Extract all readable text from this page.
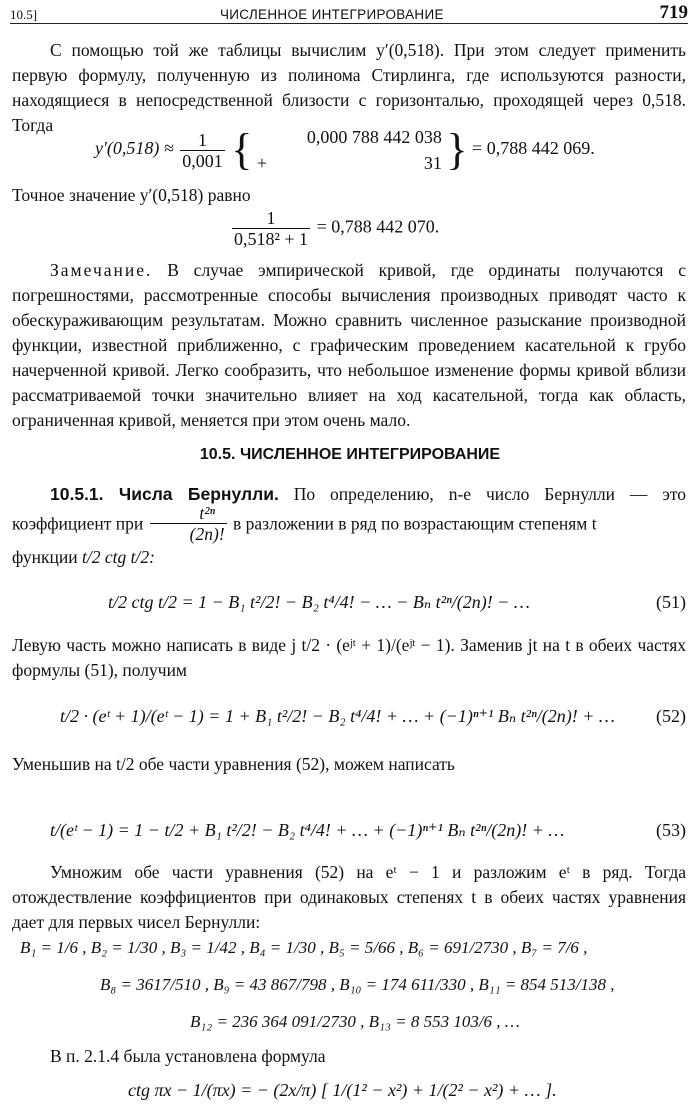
10.5]	ЧИСЛЕННОЕ ИНТЕГРИРОВАНИЕ	719
С помощью той же таблицы вычислим y′(0,518). При этом следует применить первую формулу, полученную из полинома Стирлинга, где используются разности, находящиеся в непосредственной близости с горизонталью, проходящей через 0,518. Тогда
$y'(0,518) \approx \frac{1}{0,001}$ {	0,000 788 442 038
+	31 } = 0,788 442 069.
Точное значение y′(0,518) равно
$\frac{1}{\text{0,518² + 1}} = 0,788$ 442 070.
Замечание. В случае эмпирической кривой, где ординаты получаются с погрешностями, рассмотренные способы вычисления производных приводят часто к обескураживающим результатам. Можно сравнить численное разыскание производной функции, известной приближенно, с графическим проведением касательной к грубо начерченной кривой. Легко сообразить, что небольшое изменение формы кривой вблизи рассматриваемой точки значительно влияет на ход касательной, тогда как область, ограниченная кривой, меняется при этом очень мало.
10.5. ЧИСЛЕННОЕ ИНТЕГРИРОВАНИЕ
10.5.1. Числа Бернулли. По определению, n-е число Бернулли — это коэффициент при $\frac{\text{t²ⁿ}}{(2n)!}$ в разложении в ряд по возрастающим степеням t
функции t/2 ctg t/2:
t/2 ctg t/2 = 1 − B₁ t²/2! − B₂ t⁴/4! − … − Bₙ t²ⁿ/(2n)! − …	(51)
Левую часть можно написать в виде j t/2 · (eʲᵗ + 1)/(eʲᵗ − 1). Заменив jt на t в обеих частях формулы (51), получим
t/2 · (eᵗ + 1)/(eᵗ − 1) = 1 + B₁ t²/2! − B₂ t⁴/4! + … + (−1)ⁿ⁺¹ Bₙ t²ⁿ/(2n)! + … (52)
Уменьшив на t/2 обе части уравнения (52), можем написать
t/(eᵗ − 1) = 1 − t/2 + B₁ t²/2! − B₂ t⁴/4! + … + (−1)ⁿ⁺¹ Bₙ t²ⁿ/(2n)! + …	(53)
Умножим обе части уравнения (52) на eᵗ − 1 и разложим eᵗ в ряд. Тогда отождествление коэффициентов при одинаковых степенях t в обеих частях уравнения дает для первых чисел Бернулли:
B₁ = 1/6 , B₂ = 1/30 , B₃ = 1/42 , B₄ = 1/30 , B₅ = 5/66 , B₆ = 691/2730 , B₇ = 7/6 ,
B₈ = 3617/510 , B₉ = 43 867/798 , B₁₀ = 174 611/330 , B₁₁ = 854 513/138 ,
B₁₂ = 236 364 091/2730 , B₁₃ = 8 553 103/6 , …
В п. 2.1.4 была установлена формула
ctg πx − 1/(πx) = − (2x/π) [ 1/(1² − x²) + 1/(2² − x²) + … ].
